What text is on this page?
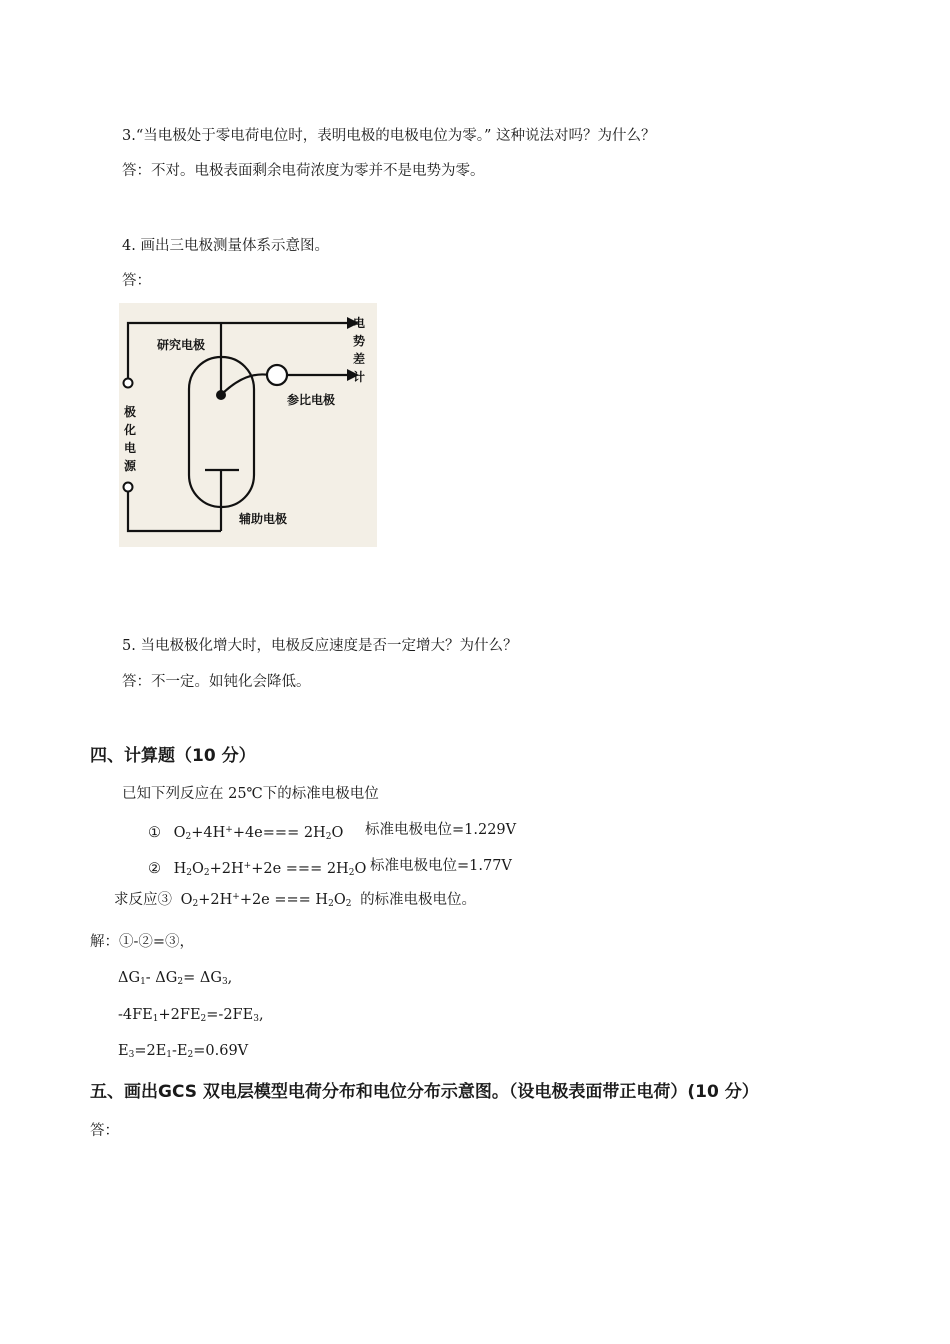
3.“当电极处于零电荷电位时，表明电极的电极电位为零。” 这种说法对吗？为什么？
答：不对。电极表面剩余电荷浓度为零并不是电势为零。
4. 画出三电极测量体系示意图。
答：
研究电极
参比电极
辅助电极
电
势
差
计
极
化
电
源
5. 当电极极化增大时，电极反应速度是否一定增大？为什么？
答：不一定。如钝化会降低。
四、计算题（10 分）
已知下列反应在 25℃下的标准电极电位
① $O_2+4H^++4e=== 2H_2O$ 标准电极电位=1.229V
② $H_2O_2+2H^++2e$ === $2H_2O$ 标准电极电位=1.77V
求反应③ $O_2+2H^++2e$ === $H_2O_2$ 的标准电极电位。
解：①-②=③，
$\Delta G_1-$ $\Delta G_2= \Delta G_3$,
$-4FE_1+2FE_2=-2FE_3$,
$E_3=2E_1-E_2=0.69V$
五、画出GCS 双电层模型电荷分布和电位分布示意图。（设电极表面带正电荷）(10 分）
答：
